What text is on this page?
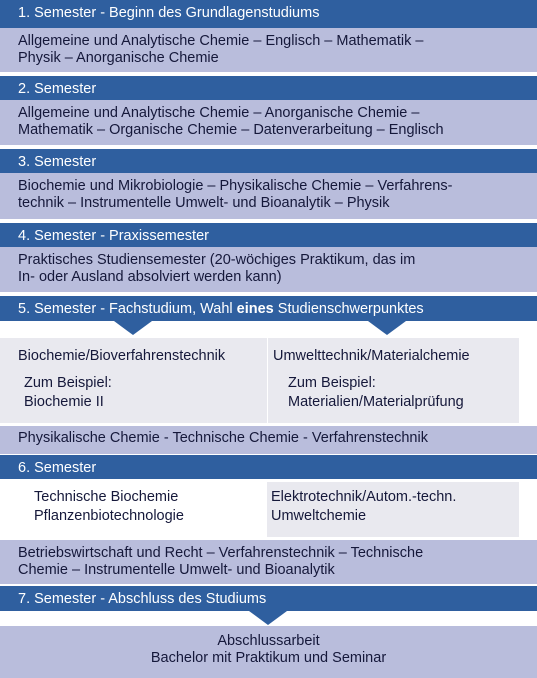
1. Semester - Beginn des Grundlagenstudiums
Allgemeine und Analytische Chemie – Englisch – Mathematik –
Physik – Anorganische Chemie
2. Semester
Allgemeine und Analytische Chemie – Anorganische Chemie –
Mathematik – Organische Chemie – Datenverarbeitung – Englisch
3. Semester
Biochemie und Mikrobiologie – Physikalische Chemie – Verfahrens-
technik – Instrumentelle Umwelt- und Bioanalytik – Physik
4. Semester - Praxissemester
Praktisches Studiensemester (20-wöchiges Praktikum, das im
In- oder Ausland absolviert werden kann)
5. Semester - Fachstudium, Wahl eines Studienschwerpunktes
Biochemie/Bioverfahrenstechnik
Zum Beispiel:
Biochemie II
Umwelttechnik/Materialchemie
Zum Beispiel:
Materialien/Materialprüfung
Physikalische Chemie - Technische Chemie - Verfahrenstechnik
6. Semester
Technische Biochemie
Pflanzenbiotechnologie
Elektrotechnik/Autom.-techn.
Umweltchemie
Betriebswirtschaft und Recht – Verfahrenstechnik – Technische
Chemie – Instrumentelle Umwelt- und Bioanalytik
7. Semester - Abschluss des Studiums
Abschlussarbeit
Bachelor mit Praktikum und Seminar
